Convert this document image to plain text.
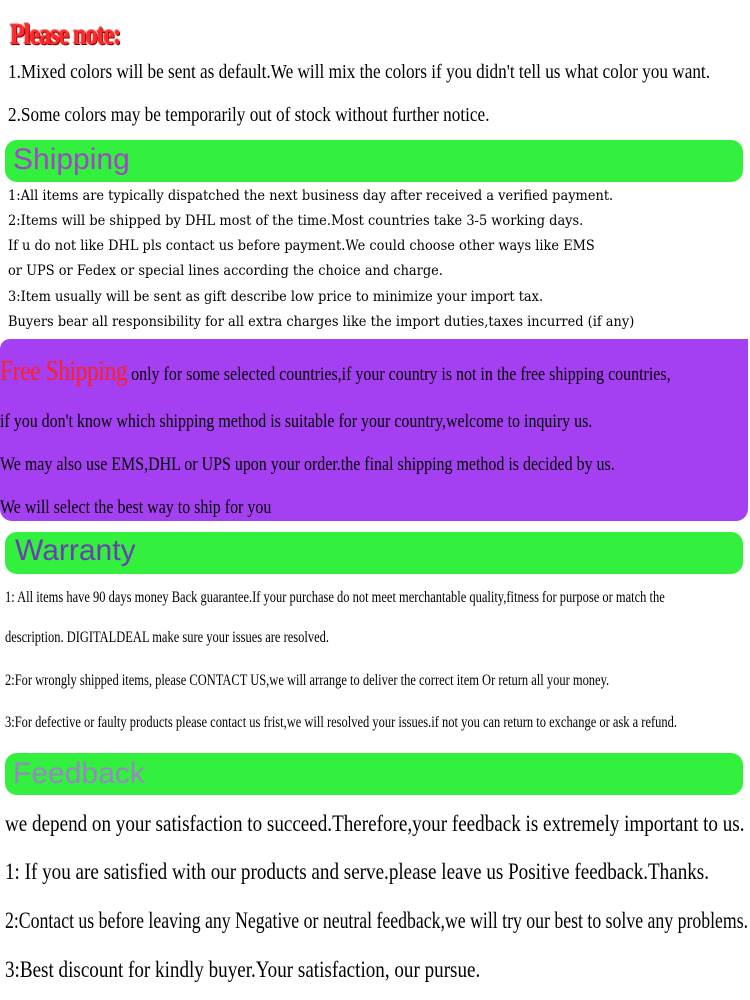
Please note:
1.Mixed colors will be sent as default.We will mix the colors if you didn't tell us what color you want.
2.Some colors may be temporarily out of stock without further notice.
Shipping
1:All items are typically dispatched the next business day after received a verified payment.
2:Items will be shipped by DHL most of the time.Most countries take 3-5 working days.
If u do not like DHL pls contact us before payment.We could choose other ways like EMS
or UPS or Fedex or special lines according the choice and charge.
3:Item usually will be sent as gift describe low price to minimize your import tax.
Buyers bear all responsibility for all extra charges like the import duties,taxes incurred (if any)
Free Shipping only for some selected countries,if your country is not in the free shipping countries,
if you don't know which shipping method is suitable for your country,welcome to inquiry us.
We may also use EMS,DHL or UPS upon your order.the final shipping method is decided by us.
We will select the best way to ship for you
Warranty
1: All items have 90 days money Back guarantee.If your purchase do not meet merchantable quality,fitness for purpose or match the
description. DIGITALDEAL make sure your issues are resolved.
2:For wrongly shipped items, please CONTACT US,we will arrange to deliver the correct item Or return all your money.
3:For defective or faulty products please contact us frist,we will resolved your issues.if not you can return to exchange or ask a refund.
Feedback
we depend on your satisfaction to succeed.Therefore,your feedback is extremely important to us.
1: If you are satisfied with our products and serve.please leave us Positive feedback.Thanks.
2:Contact us before leaving any Negative or neutral feedback,we will try our best to solve any problems.
3:Best discount for kindly buyer.Your satisfaction, our pursue.
